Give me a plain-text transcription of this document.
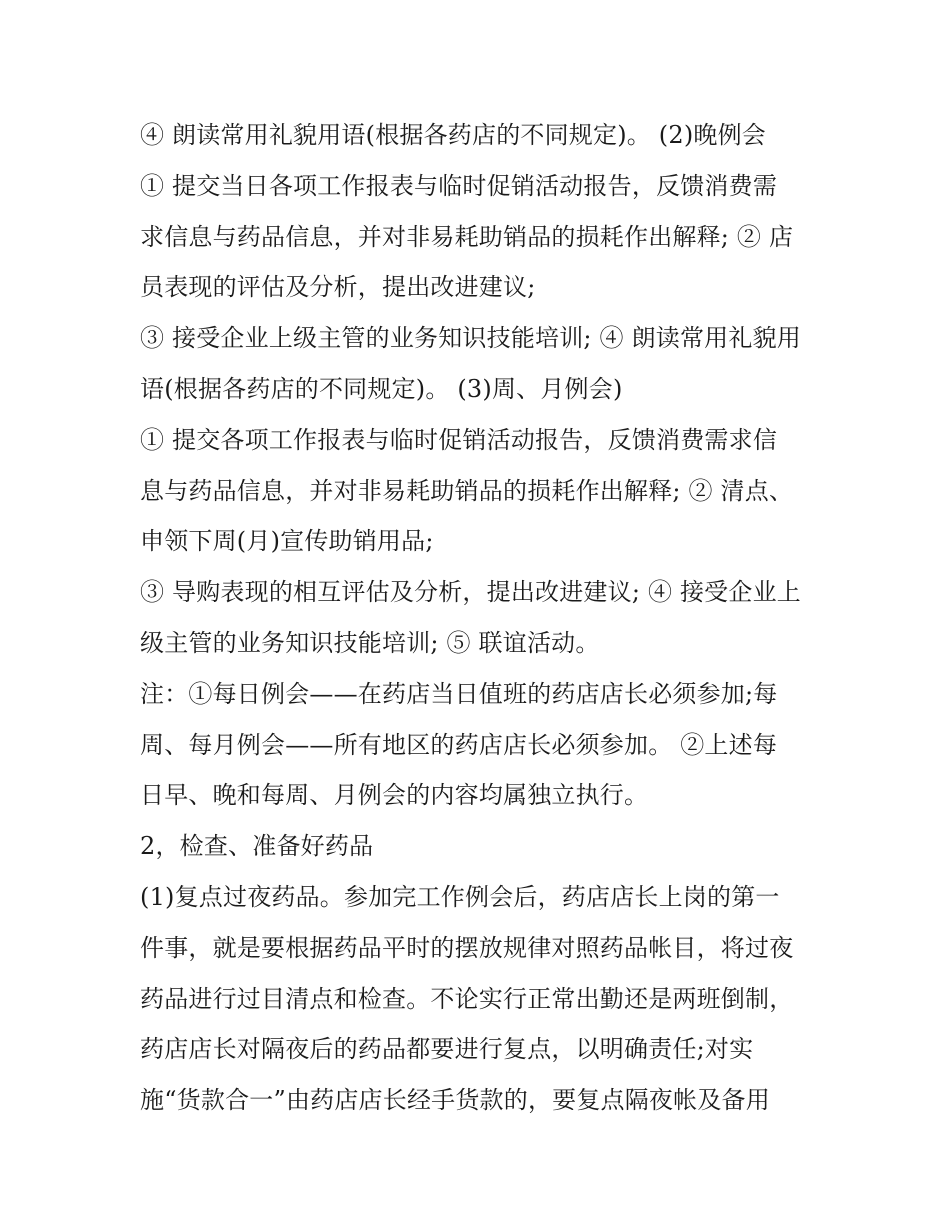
④ 朗读常用礼貌用语(根据各药店的不同规定)。 (2)晚例会
① 提交当日各项工作报表与临时促销活动报告，反馈消费需
求信息与药品信息，并对非易耗助销品的损耗作出解释; ② 店
员表现的评估及分析，提出改进建议;
③ 接受企业上级主管的业务知识技能培训; ④ 朗读常用礼貌用
语(根据各药店的不同规定)。 (3)周、月例会)
① 提交各项工作报表与临时促销活动报告，反馈消费需求信
息与药品信息，并对非易耗助销品的损耗作出解释; ② 清点、
申领下周(月)宣传助销用品;
③ 导购表现的相互评估及分析，提出改进建议; ④ 接受企业上
级主管的业务知识技能培训; ⑤ 联谊活动。
注：①每日例会——在药店当日值班的药店店长必须参加;每
周、每月例会——所有地区的药店店长必须参加。 ②上述每
日早、晚和每周、月例会的内容均属独立执行。
2，检查、准备好药品
(1)复点过夜药品。参加完工作例会后，药店店长上岗的第一
件事，就是要根据药品平时的摆放规律对照药品帐目，将过夜
药品进行过目清点和检查。不论实行正常出勤还是两班倒制，
药店店长对隔夜后的药品都要进行复点，以明确责任;对实
施“货款合一”由药店店长经手货款的，要复点隔夜帐及备用
